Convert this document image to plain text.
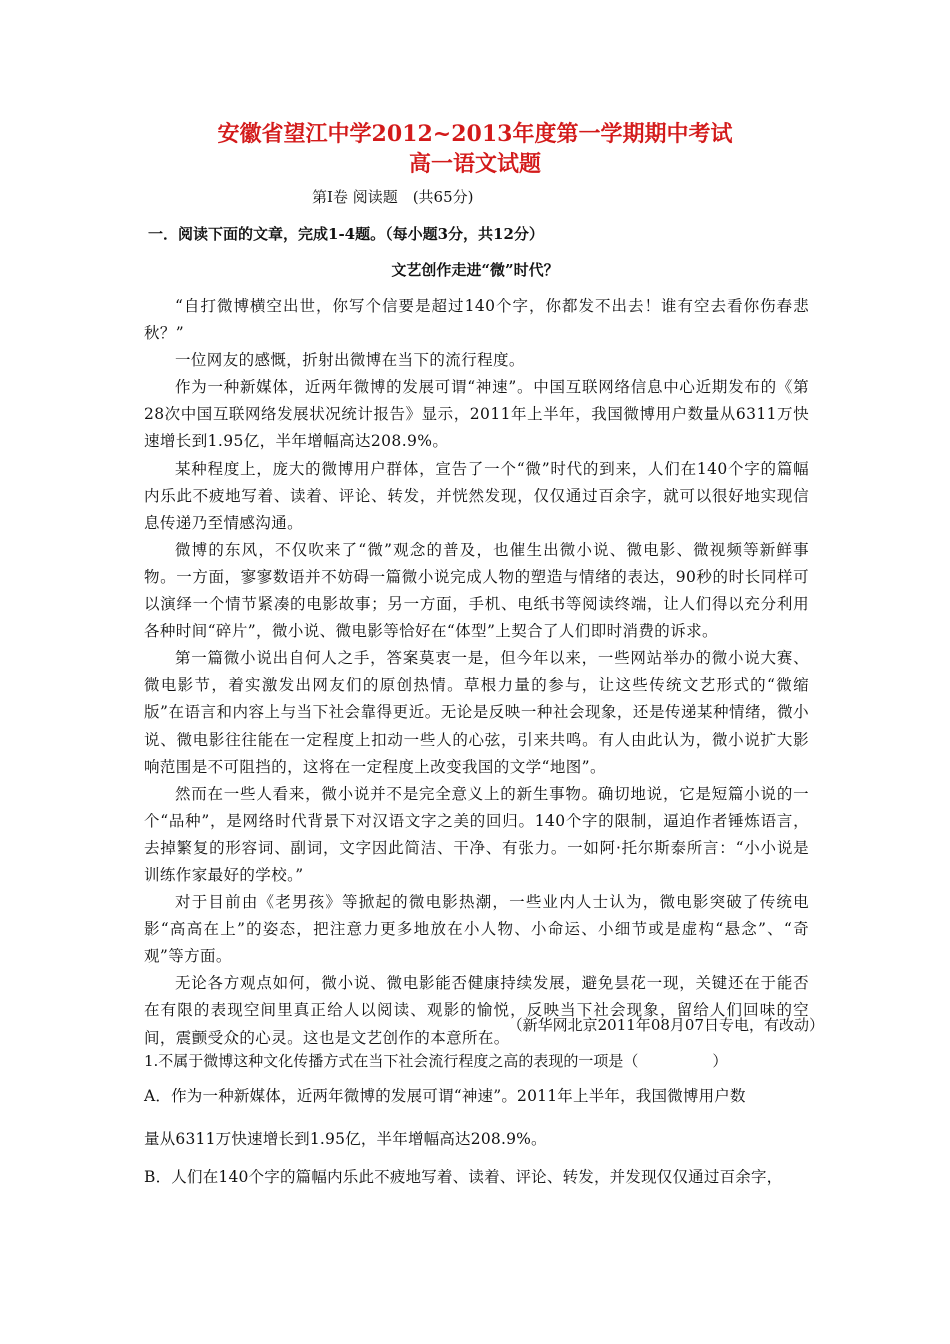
安徽省望江中学2012~2013年度第一学期期中考试
高一语文试题
第Ⅰ卷 阅读题　(共65分)
一．阅读下面的文章，完成1-4题。（每小题3分，共12分）
文艺创作走进“微”时代？

“自打微博横空出世，你写个信要是超过140个字，你都发不出去！谁有空去看你伤春悲秋？”

一位网友的感慨，折射出微博在当下的流行程度。

作为一种新媒体，近两年微博的发展可谓“神速”。中国互联网络信息中心近期发布的《第28次中国互联网络发展状况统计报告》显示，2011年上半年，我国微博用户数量从6311万快速增长到1.95亿，半年增幅高达208.9%。

某种程度上，庞大的微博用户群体，宣告了一个“微”时代的到来，人们在140个字的篇幅内乐此不疲地写着、读着、评论、转发，并恍然发现，仅仅通过百余字，就可以很好地实现信息传递乃至情感沟通。

微博的东风，不仅吹来了“微”观念的普及，也催生出微小说、微电影、微视频等新鲜事物。一方面，寥寥数语并不妨碍一篇微小说完成人物的塑造与情绪的表达，90秒的时长同样可以演绎一个情节紧凑的电影故事；另一方面，手机、电纸书等阅读终端，让人们得以充分利用各种时间“碎片”，微小说、微电影等恰好在“体型”上契合了人们即时消费的诉求。

第一篇微小说出自何人之手，答案莫衷一是，但今年以来，一些网站举办的微小说大赛、微电影节，着实激发出网友们的原创热情。草根力量的参与，让这些传统文艺形式的“微缩版”在语言和内容上与当下社会靠得更近。无论是反映一种社会现象，还是传递某种情绪，微小说、微电影往往能在一定程度上扣动一些人的心弦，引来共鸣。有人由此认为，微小说扩大影响范围是不可阻挡的，这将在一定程度上改变我国的文学“地图”。

然而在一些人看来，微小说并不是完全意义上的新生事物。确切地说，它是短篇小说的一个“品种”，是网络时代背景下对汉语文字之美的回归。140个字的限制，逼迫作者锤炼语言，去掉繁复的形容词、副词，文字因此简洁、干净、有张力。一如阿·托尔斯泰所言：“小小说是训练作家最好的学校。”

对于目前由《老男孩》等掀起的微电影热潮，一些业内人士认为，微电影突破了传统电影“高高在上”的姿态，把注意力更多地放在小人物、小命运、小细节或是虚构“悬念”、“奇观”等方面。

无论各方观点如何，微小说、微电影能否健康持续发展，避免昙花一现，关键还在于能否在有限的表现空间里真正给人以阅读、观影的愉悦，反映当下社会现象，留给人们回味的空间，震颤受众的心灵。这也是文艺创作的本意所在。

（新华网北京2011年08月07日专电，有改动）
1.不属于微博这种文化传播方式在当下社会流行程度之高的表现的一项是（	）
A．作为一种新媒体，近两年微博的发展可谓“神速”。2011年上半年，我国微博用户数
量从6311万快速增长到1.95亿，半年增幅高达208.9%。
B．人们在140个字的篇幅内乐此不疲地写着、读着、评论、转发，并发现仅仅通过百余字，
